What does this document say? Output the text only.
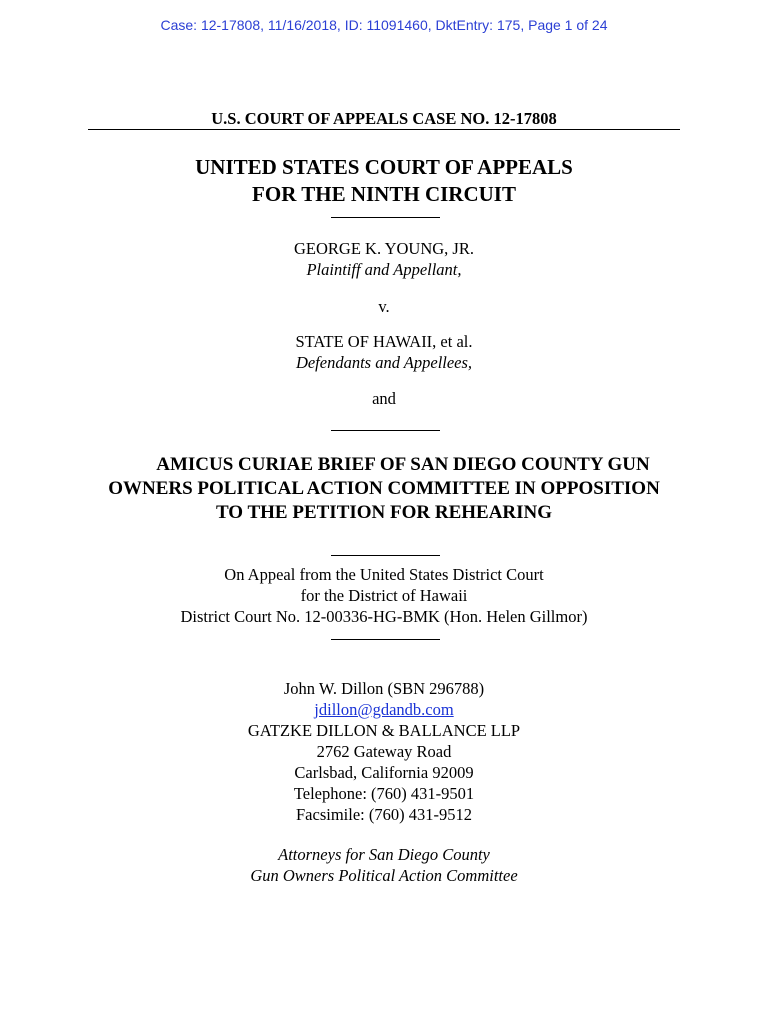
Case: 12-17808, 11/16/2018, ID: 11091460, DktEntry: 175, Page 1 of 24
U.S. COURT OF APPEALS CASE NO. 12-17808
UNITED STATES COURT OF APPEALS
FOR THE NINTH CIRCUIT
GEORGE K. YOUNG, JR.
Plaintiff and Appellant,
v.
STATE OF HAWAII, et al.
Defendants and Appellees,
and
AMICUS CURIAE BRIEF OF SAN DIEGO COUNTY GUN
OWNERS POLITICAL ACTION COMMITTEE IN OPPOSITION
TO THE PETITION FOR REHEARING
On Appeal from the United States District Court
for the District of Hawaii
District Court No. 12-00336-HG-BMK (Hon. Helen Gillmor)
John W. Dillon (SBN 296788)
jdillon@gdandb.com
GATZKE DILLON & BALLANCE LLP
2762 Gateway Road
Carlsbad, California 92009
Telephone: (760) 431-9501
Facsimile: (760) 431-9512
Attorneys for San Diego County
Gun Owners Political Action Committee
